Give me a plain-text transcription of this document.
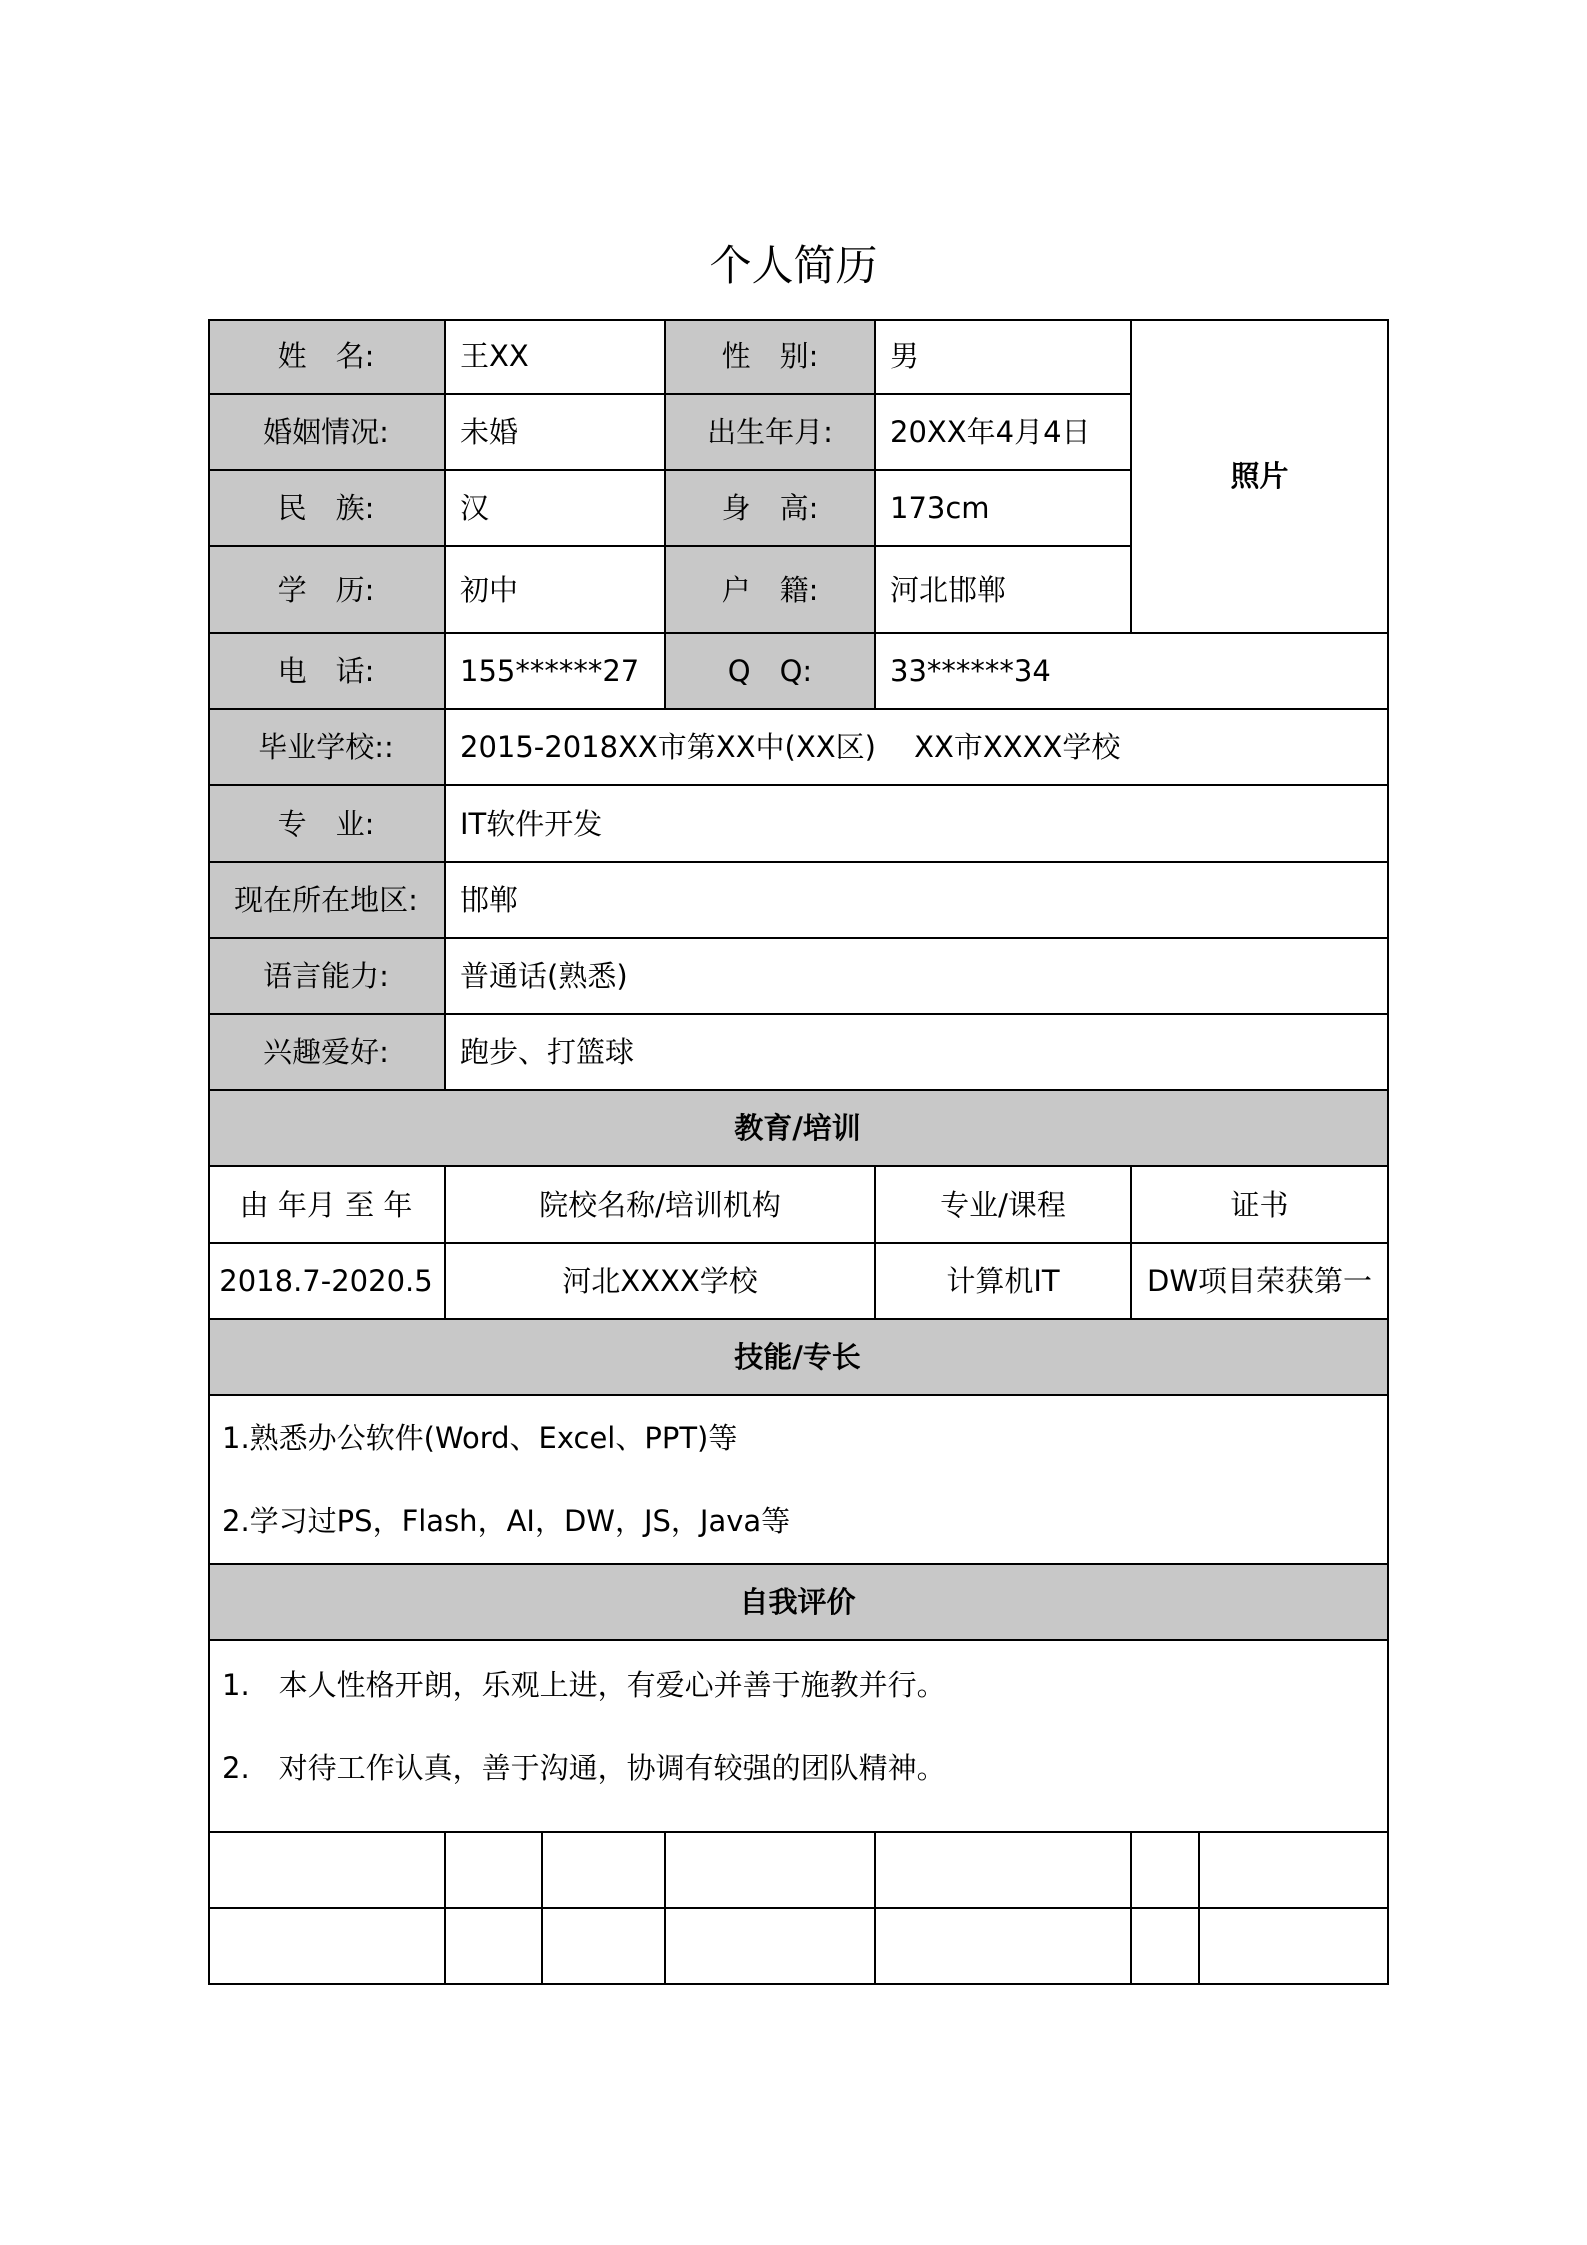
个人简历
姓　名:	王XX	性　别:	男
照片
婚姻情况:	未婚	出生年月:	20XX年4月4日
民　族:	汉	身　高:	173cm
学　历:	初中	户　籍:	河北邯郸
电　话:	155******27	Q　Q:	33******34
毕业学校::	2015-2018XX市第XX中(XX区)　 XX市XXXX学校
专　业:	IT软件开发
现在所在地区:	邯郸
语言能力:	普通话(熟悉)
兴趣爱好:	跑步、打篮球
教育/培训
由 年月 至 年	院校名称/培训机构	专业/课程	证书
2018.7-2020.5	河北XXXX学校	计算机IT	DW项目荣获第一
技能/专长

1.熟悉办公软件(Word、Excel、PPT)等

2.学习过PS，Flash，AI，DW，JS，Java等

自我评价

1.　本人性格开朗，乐观上进，有爱心并善于施教并行。

2.　对待工作认真，善于沟通，协调有较强的团队精神。
